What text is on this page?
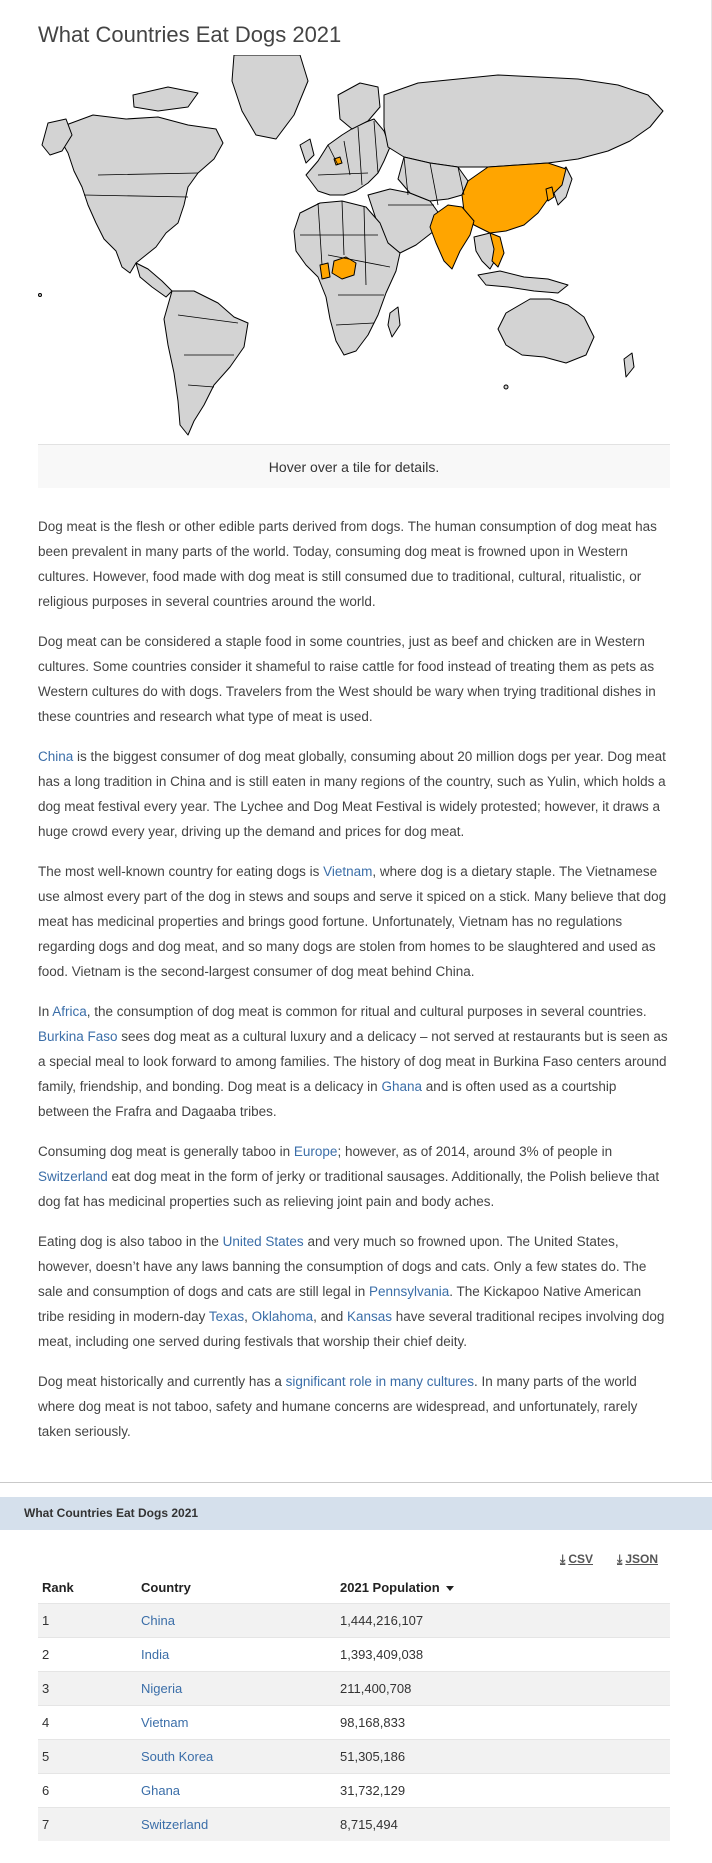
What Countries Eat Dogs 2021
Hover over a tile for details.

Dog meat is the flesh or other edible parts derived from dogs. The human consumption of dog meat has been prevalent in many parts of the world. Today, consuming dog meat is frowned upon in Western cultures. However, food made with dog meat is still consumed due to traditional, cultural, ritualistic, or religious purposes in several countries around the world.

Dog meat can be considered a staple food in some countries, just as beef and chicken are in Western cultures. Some countries consider it shameful to raise cattle for food instead of treating them as pets as Western cultures do with dogs. Travelers from the West should be wary when trying traditional dishes in these countries and research what type of meat is used.

China is the biggest consumer of dog meat globally, consuming about 20 million dogs per year. Dog meat has a long tradition in China and is still eaten in many regions of the country, such as Yulin, which holds a dog meat festival every year. The Lychee and Dog Meat Festival is widely protested; however, it draws a huge crowd every year, driving up the demand and prices for dog meat.

The most well-known country for eating dogs is Vietnam, where dog is a dietary staple. The Vietnamese use almost every part of the dog in stews and soups and serve it spiced on a stick. Many believe that dog meat has medicinal properties and brings good fortune. Unfortunately, Vietnam has no regulations regarding dogs and dog meat, and so many dogs are stolen from homes to be slaughtered and used as food. Vietnam is the second-largest consumer of dog meat behind China.

In Africa, the consumption of dog meat is common for ritual and cultural purposes in several countries. Burkina Faso sees dog meat as a cultural luxury and a delicacy – not served at restaurants but is seen as a special meal to look forward to among families. The history of dog meat in Burkina Faso centers around family, friendship, and bonding. Dog meat is a delicacy in Ghana and is often used as a courtship between the Frafra and Dagaaba tribes.

Consuming dog meat is generally taboo in Europe; however, as of 2014, around 3% of people in Switzerland eat dog meat in the form of jerky or traditional sausages. Additionally, the Polish believe that dog fat has medicinal properties such as relieving joint pain and body aches.

Eating dog is also taboo in the United States and very much so frowned upon. The United States, however, doesn’t have any laws banning the consumption of dogs and cats. Only a few states do. The sale and consumption of dogs and cats are still legal in Pennsylvania. The Kickapoo Native American tribe residing in modern-day Texas, Oklahoma, and Kansas have several traditional recipes involving dog meat, including one served during festivals that worship their chief deity.

Dog meat historically and currently has a significant role in many cultures. In many parts of the world where dog meat is not taboo, safety and humane concerns are widespread, and unfortunately, rarely taken seriously.

What Countries Eat Dogs 2021
⤓ CSV ⤓ JSON
Rank	Country	2021 Population
1	China	1,444,216,107
2	India	1,393,409,038
3	Nigeria	211,400,708
4	Vietnam	98,168,833
5	South Korea	51,305,186
6	Ghana	31,732,129
7	Switzerland	8,715,494
